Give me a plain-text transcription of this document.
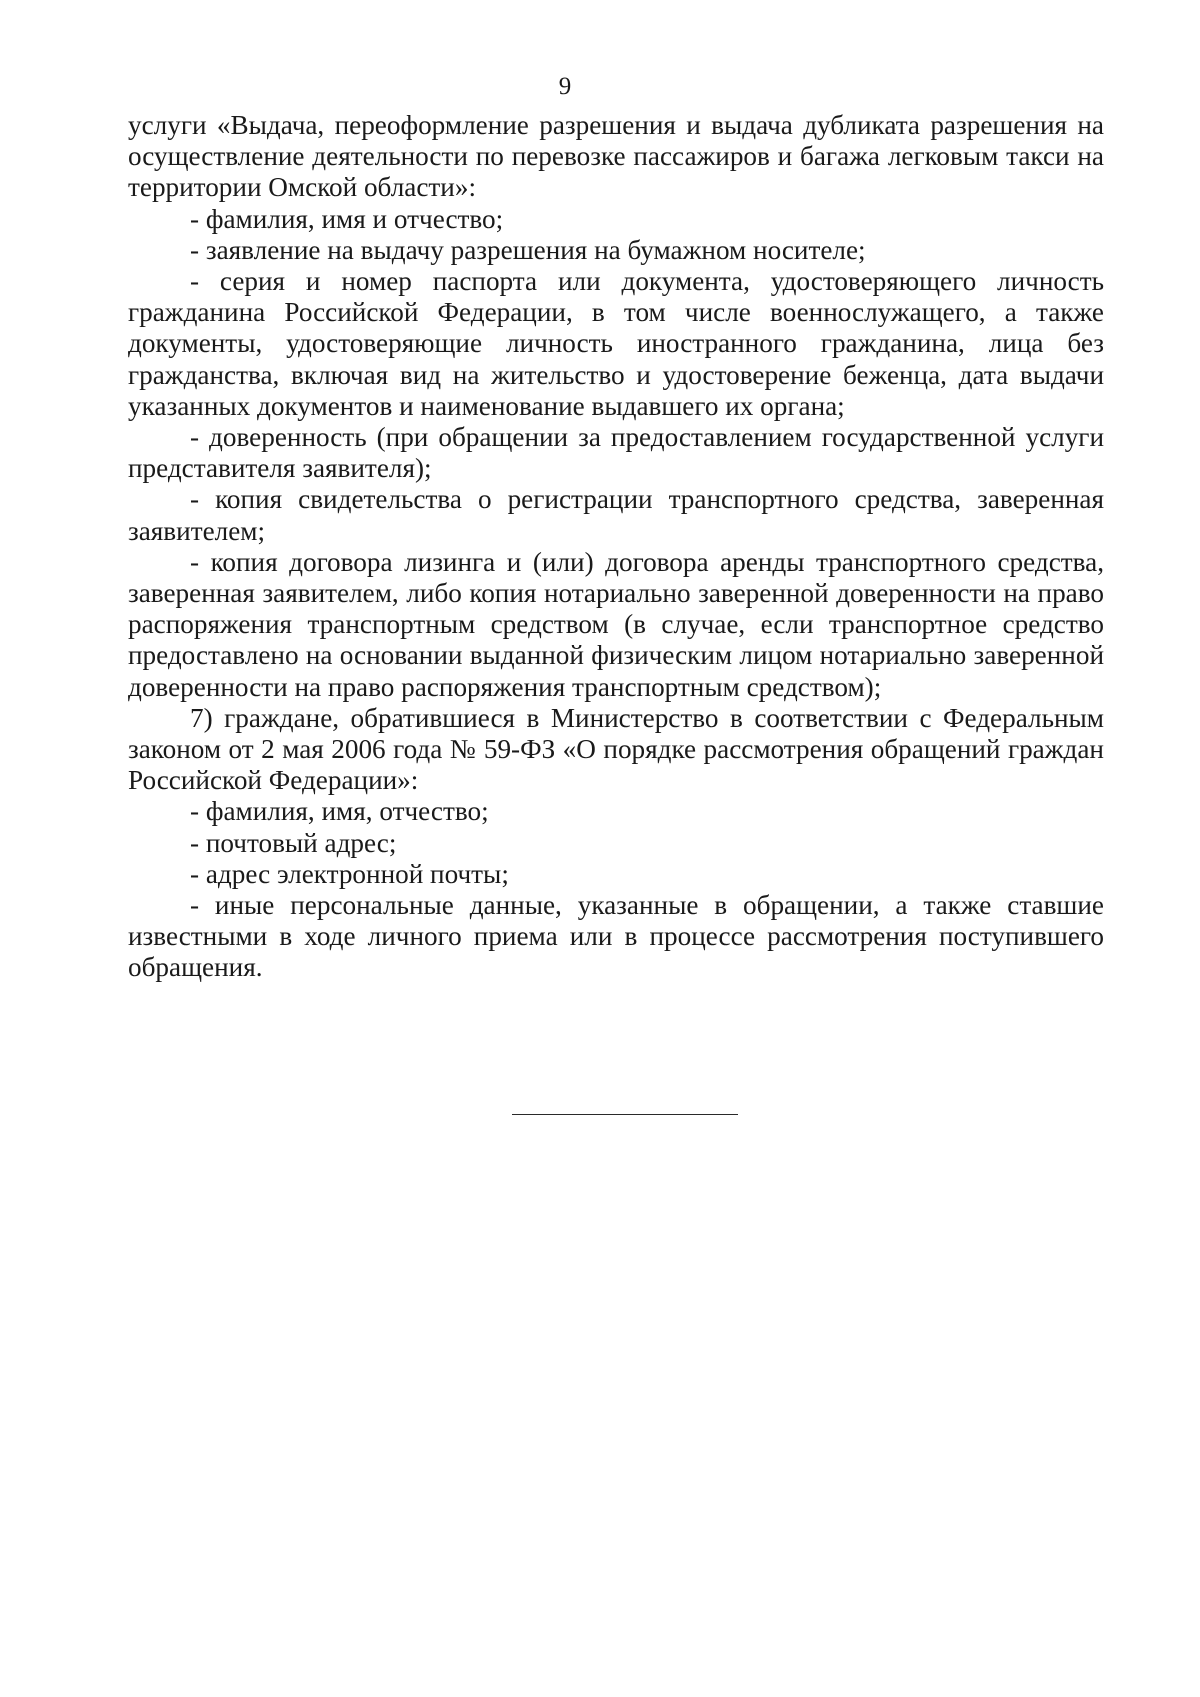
9

услуги «Выдача, переоформление разрешения и выдача дубликата разрешения на осуществление деятельности по перевозке пассажиров и багажа легковым такси на территории Омской области»:

- фамилия, имя и отчество;

- заявление на выдачу разрешения на бумажном носителе;

- серия и номер паспорта или документа, удостоверяющего личность гражданина Российской Федерации, в том числе военнослужащего, а также документы, удостоверяющие личность иностранного гражданина, лица без гражданства, включая вид на жительство и удостоверение беженца, дата выдачи указанных документов и наименование выдавшего их органа;

- доверенность (при обращении за предоставлением государственной услуги представителя заявителя);

- копия свидетельства о регистрации транспортного средства, заверенная заявителем;

- копия договора лизинга и (или) договора аренды транспортного средства, заверенная заявителем, либо копия нотариально заверенной доверенности на право распоряжения транспортным средством (в случае, если транспортное средство предоставлено на основании выданной физическим лицом нотариально заверенной доверенности на право распоряжения транспортным средством);

7) граждане, обратившиеся в Министерство в соответствии с Федеральным законом от 2 мая 2006 года № 59-ФЗ «О порядке рассмотрения обращений граждан Российской Федерации»:

- фамилия, имя, отчество;

- почтовый адрес;

- адрес электронной почты;

- иные персональные данные, указанные в обращении, а также ставшие известными в ходе личного приема или в процессе рассмотрения поступившего обращения.
